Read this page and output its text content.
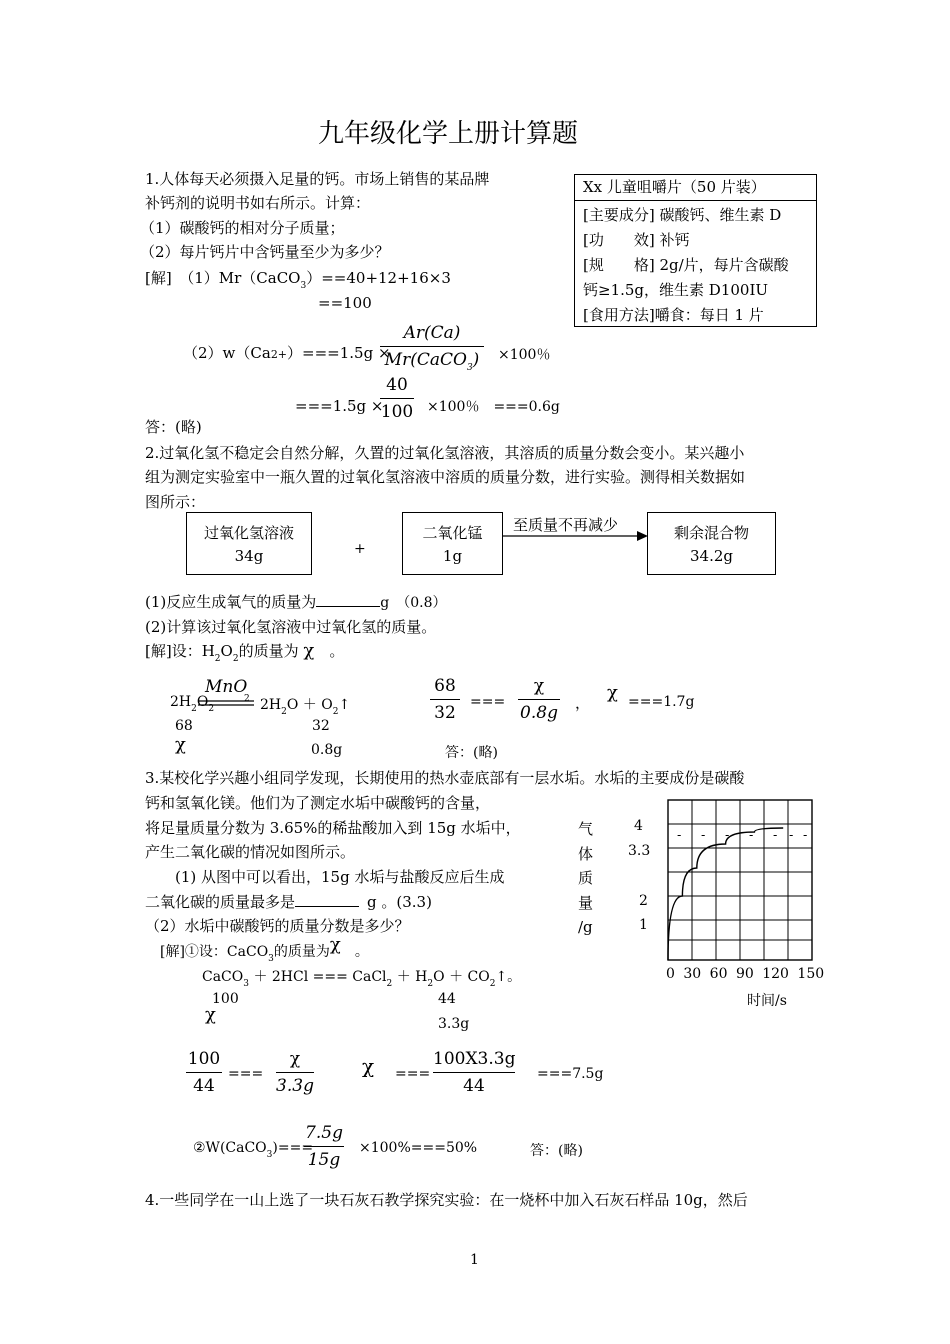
九年级化学上册计算题
1.人体每天必须摄入足量的钙。市场上销售的某品牌
补钙剂的说明书如右所示。计算：
（1）碳酸钙的相对分子质量；
（2）每片钙片中含钙量至少为多少？
[解]　（1）Mr（CaCO$_3$）==40+12+16×3
==100
（2）w（Ca2+）===1.5g ×
Ar(Ca)
Mr(CaCO$_3$)	×100％
===1.5g ×
40
100 ×100％　===0.6g
答：(略)
Xx 儿童咀嚼片（50 片装）
[主要成分] 碳酸钙、维生素 D
[功　　效] 补钙
[规　　格] 2g/片，每片含碳酸
钙≥1.5g，维生素 D100IU
[食用方法]嚼食：每日 1 片
2.过氧化氢不稳定会自然分解，久置的过氧化氢溶液，其溶质的质量分数会变小。某兴趣小
组为测定实验室中一瓶久置的过氧化氢溶液中溶质的质量分数，进行实验。测得相关数据如
图所示：
过氧化氢溶液
34g	+
二氧化锰
1g
至质量不再减少	剩余混合物
34.2g
(1)反应生成氧气的质量为	g　（0.8）
(2)计算该过氧化氢溶液中过氧化氢的质量。
[解]设：$H_2O_2$的质量为 χ　 。
MnO
2
$2H_2O_2$	$2H_2O$ ＋ $O_2↑$
68	32
χ	0.8g	答：(略)
68
32
===
χ
0.8g ， χ ===1.7g
3.某校化学兴趣小组同学发现，长期使用的热水壶底部有一层水垢。水垢的主要成份是碳酸
钙和氢氧化镁。他们为了测定水垢中碳酸钙的含量，
将足量质量分数为 3.65%的稀盐酸加入到 15g 水垢中，
产生二氧化碳的情况如图所示。
(1) 从图中可以看出，15g 水垢与盐酸反应后生成
二氧化碳的质量最多是	g 。(3.3)
（2）水垢中碳酸钙的质量分数是多少？
[解]①设：CaCO$_3$的质量为χ　 。
CaCO$_3$ ＋ 2HCl === CaCl$_2$ ＋ $H_2O$ ＋ $CO_2↑$。
100	44
χ	3.3g
100
44
===
χ
3.3g
χ ===
100X3.3g
44
===7.5g
②W(CaCO$_3$)===
7.5g
15g
×100%===50%	答：(略)
气
体
质
量
/g
4
3.3
2
1
- - - - - - -
0 30 60 90 120 150
时间/s
4.一些同学在一山上选了一块石灰石教学探究实验：在一烧杯中加入石灰石样品 10g，然后
1
